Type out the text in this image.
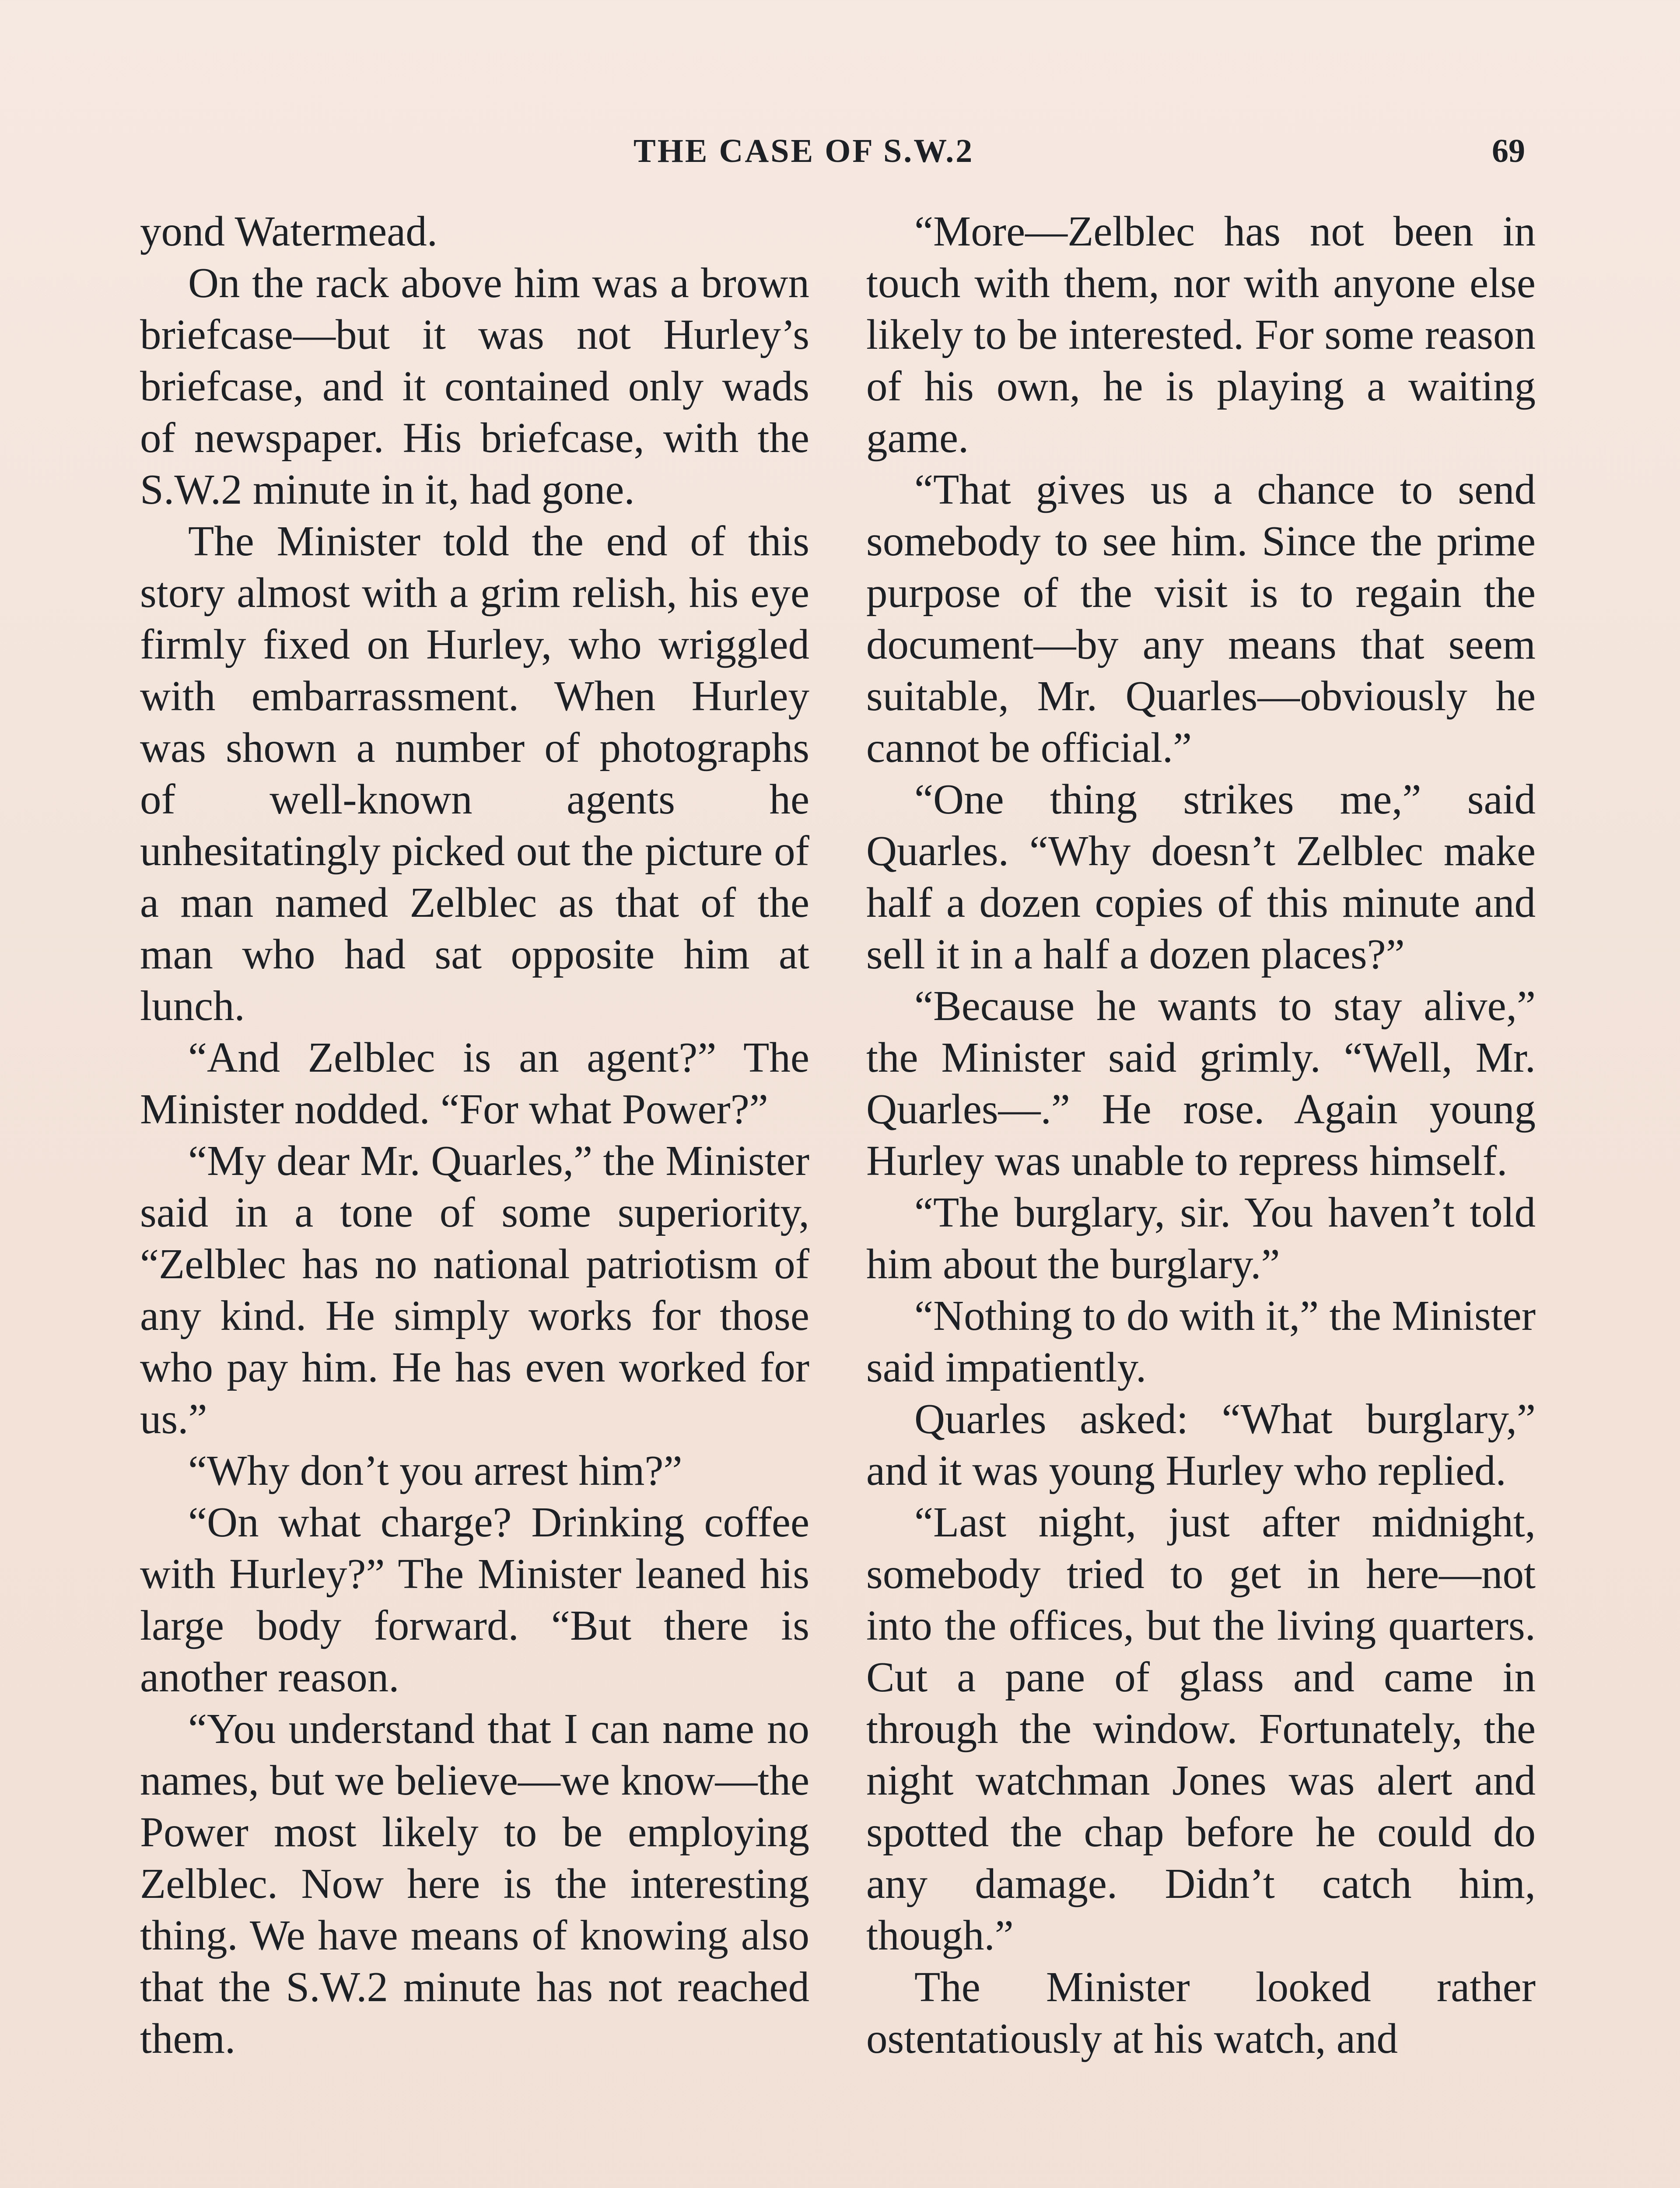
THE CASE OF S.W.2	69

yond Watermead.

On the rack above him was a brown briefcase—but it was not Hurley’s briefcase, and it contained only wads of newspaper. His briefcase, with the S.W.2 minute in it, had gone.

The Minister told the end of this story almost with a grim relish, his eye firmly fixed on Hurley, who wriggled with embarrassment. When Hurley was shown a number of photographs of well-known agents he unhesitatingly picked out the picture of a man named Zelblec as that of the man who had sat opposite him at lunch.

“And Zelblec is an agent?” The Minister nodded. “For what Power?”

“My dear Mr. Quarles,” the Minister said in a tone of some superiority, “Zelblec has no national patriotism of any kind. He simply works for those who pay him. He has even worked for us.”

“Why don’t you arrest him?”

“On what charge? Drinking coffee with Hurley?” The Minister leaned his large body forward. “But there is another reason.

“You understand that I can name no names, but we believe—we know—the Power most likely to be employing Zelblec. Now here is the interesting thing. We have means of knowing also that the S.W.2 minute has not reached them.

“More—Zelblec has not been in touch with them, nor with anyone else likely to be interested. For some reason of his own, he is playing a waiting game.

“That gives us a chance to send somebody to see him. Since the prime purpose of the visit is to regain the document—by any means that seem suitable, Mr. Quarles—obviously he cannot be official.”

“One thing strikes me,” said Quarles. “Why doesn’t Zelblec make half a dozen copies of this minute and sell it in a half a dozen places?”

“Because he wants to stay alive,” the Minister said grimly. “Well, Mr. Quarles—.” He rose. Again young Hurley was unable to repress himself.

“The burglary, sir. You haven’t told him about the burglary.”

“Nothing to do with it,” the Minister said impatiently.

Quarles asked: “What burglary,” and it was young Hurley who replied.

“Last night, just after midnight, somebody tried to get in here—not into the offices, but the living quarters. Cut a pane of glass and came in through the window. Fortunately, the night watchman Jones was alert and spotted the chap before he could do any damage. Didn’t catch him, though.”

The Minister looked rather ostentatiously at his watch, and
